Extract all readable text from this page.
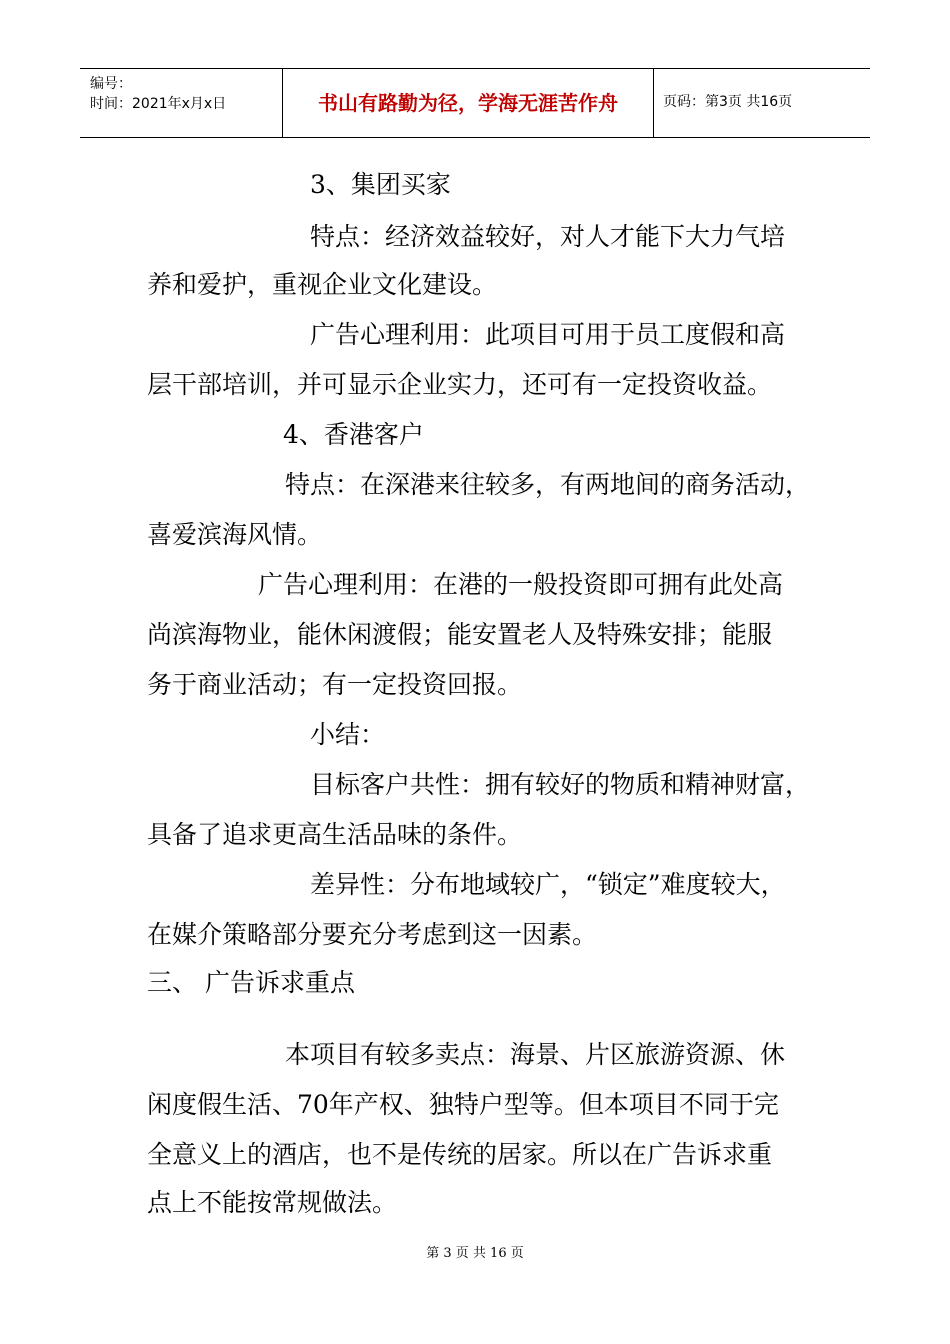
编号：
时间：2021年x月x日	书山有路勤为径，学海无涯苦作舟	页码：第3页 共16页
3、集团买家
特点：经济效益较好，对人才能下大力气培
养和爱护，重视企业文化建设。
广告心理利用：此项目可用于员工度假和高
层干部培训，并可显示企业实力，还可有一定投资收益。
4、香港客户
特点：在深港来往较多，有两地间的商务活动，
喜爱滨海风情。
广告心理利用：在港的一般投资即可拥有此处高
尚滨海物业，能休闲渡假；能安置老人及特殊安排；能服
务于商业活动；有一定投资回报。
小结：
目标客户共性：拥有较好的物质和精神财富，
具备了追求更高生活品味的条件。
差异性：分布地域较广，“锁定”难度较大，
在媒介策略部分要充分考虑到这一因素。
三、 广告诉求重点
本项目有较多卖点：海景、片区旅游资源、休
闲度假生活、70年产权、独特户型等。但本项目不同于完
全意义上的酒店，也不是传统的居家。所以在广告诉求重
点上不能按常规做法。
第 3 页 共 16 页
